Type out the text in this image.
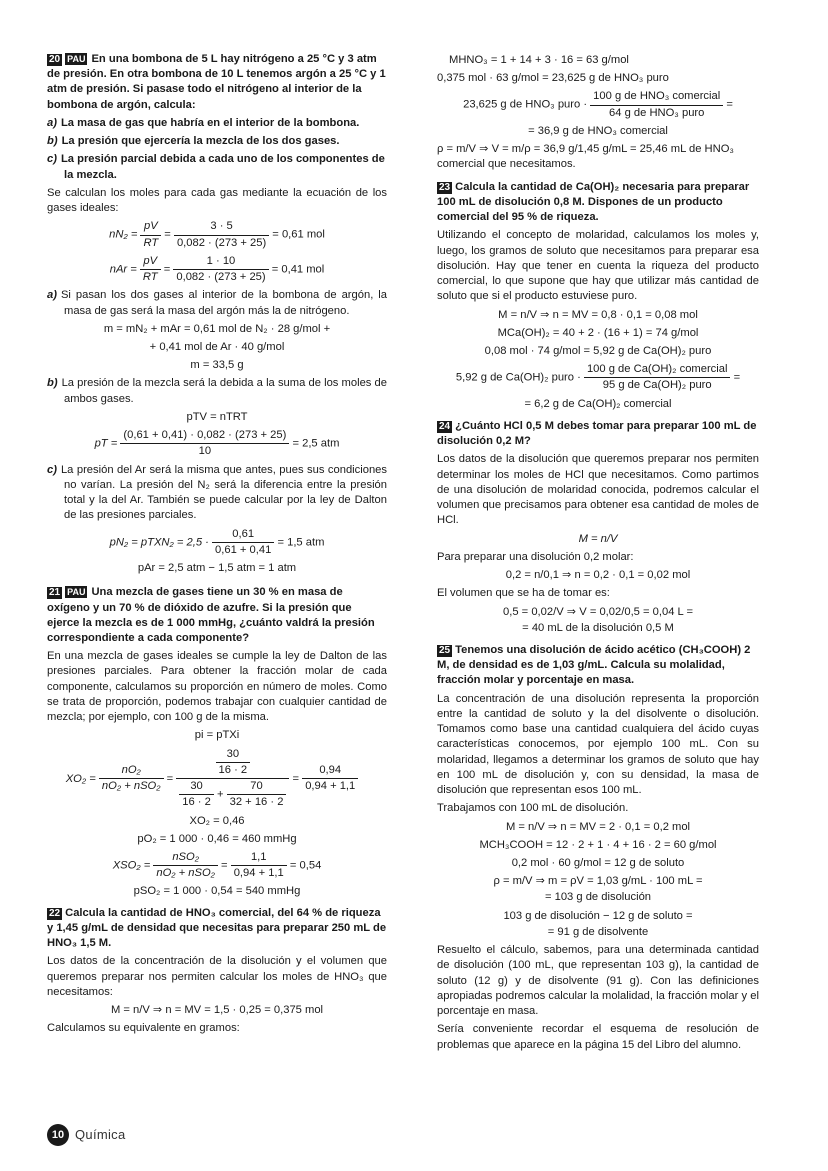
20 PAU En una bombona de 5 L hay nitrógeno a 25 °C y 3 atm de presión. En otra bombona de 10 L tenemos argón a 25 °C y 1 atm de presión. Si pasase todo el nitrógeno al interior de la bombona de argón, calcula:
a) La masa de gas que habría en el interior de la bombona.
b) La presión que ejercería la mezcla de los dos gases.
c) La presión parcial debida a cada uno de los componentes de la mezcla.

Se calculan los moles para cada gas mediante la ecuación de los gases ideales:

$nN_2 = \frac{pV}{RT} = \frac{3 \cdot 5}{0,082 \cdot (273 + 25)} = 0,61$ mol
nAr = $\frac{pV}{RT} = \frac{1 \cdot 10}{0,082 \cdot (273 + 25)} = 0,41$ mol

a) Si pasan los dos gases al interior de la bombona de argón, la masa de gas será la masa del argón más la de nitrógeno.

m = mN₂ + mAr = 0,61 mol de N₂ · 28 g/mol +
+ 0,41 mol de Ar · 40 g/mol
m = 33,5 g

b) La presión de la mezcla será la debida a la suma de los moles de ambos gases.

pTV = nTRT
pT = $\frac{(0,61 + 0,41) \cdot 0,082 \cdot (273 + 25)}{10} = 2,5$ atm

c) La presión del Ar será la misma que antes, pues sus condiciones no varían. La presión del N₂ será la diferencia entre la presión total y la del Ar. También se puede calcular por la ley de Dalton de las presiones parciales.

pN₂ = pTXN₂ = $2,5 \cdot \frac{0,61}{0,61 + 0,41} = 1,5$ atm
pAr = 2,5 atm − 1,5 atm = 1 atm
21 PAU Una mezcla de gases tiene un 30 % en masa de oxígeno y un 70 % de dióxido de azufre. Si la presión que ejerce la mezcla es de 1 000 mmHg, ¿cuánto valdrá la presión correspondiente a cada componente?

En una mezcla de gases ideales se cumple la ley de Dalton de las presiones parciales. Para obtener la fracción molar de cada componente, calculamos su proporción en número de moles. Como se trata de proporción, podemos trabajar con cualquier cantidad de mezcla; por ejemplo, con 100 g de la misma.

pi = pTXi
$XO_2 = \frac{\text{nO₂}}{\text{nO₂ + nSO₂}} = \frac{\frac{30}{16 \cdot 2}}{\frac{30}{16 \cdot 2} + \frac{70}{32 + 16 \cdot 2}} = \frac{0,94}{0,94 + 1,1}$
XO₂ = 0,46
pO₂ = 1 000 · 0,46 = 460 mmHg
$XSO_2 = \frac{\text{nSO₂}}{\text{nO₂ + nSO₂}} = \frac{1,1}{0,94 + 1,1} = 0,54$
pSO₂ = 1 000 · 0,54 = 540 mmHg
22 Calcula la cantidad de HNO₃ comercial, del 64 % de riqueza y 1,45 g/mL de densidad que necesitas para preparar 250 mL de HNO₃ 1,5 M.

Los datos de la concentración de la disolución y el volumen que queremos preparar nos permiten calcular los moles de HNO₃ que necesitamos:

M = n/V ⇒ n = MV = 1,5 · 0,25 = 0,375 mol

Calculamos su equivalente en gramos:

MHNO₃ = 1 + 14 + 3 · 16 = 63 g/mol
0,375 mol · 63 g/mol = 23,625 g de HNO₃ puro
23,625 g de HNO₃ puro · $\frac{\text{100 g de HNO₃ comercial}}{\text{64 g de HNO₃ puro}}$ =
= 36,9 g de HNO₃ comercial

ρ = m/V ⇒ V = m/ρ = 36,9 g/1,45 g/mL = 25,46 mL de HNO₃ comercial que necesitamos.

23 Calcula la cantidad de Ca(OH)₂ necesaria para preparar 100 mL de disolución 0,8 M. Dispones de un producto comercial del 95 % de riqueza.

Utilizando el concepto de molaridad, calculamos los moles y, luego, los gramos de soluto que necesitamos para preparar esa disolución. Hay que tener en cuenta la riqueza del producto comercial, lo que supone que hay que utilizar más cantidad de soluto que si el producto estuviese puro.

M = n/V ⇒ n = MV = 0,8 · 0,1 = 0,08 mol
MCa(OH)₂ = 40 + 2 · (16 + 1) = 74 g/mol
0,08 mol · 74 g/mol = 5,92 g de Ca(OH)₂ puro
5,92 g de Ca(OH)₂ puro · $\frac{\text{100 g de Ca(OH)₂ comercial}}{\text{95 g de Ca(OH)₂ puro}}$ =
= 6,2 g de Ca(OH)₂ comercial
24 ¿Cuánto HCl 0,5 M debes tomar para preparar 100 mL de disolución 0,2 M?

Los datos de la disolución que queremos preparar nos permiten determinar los moles de HCl que necesitamos. Como partimos de una disolución de molaridad conocida, podremos calcular el volumen que precisamos para obtener esa cantidad de moles de HCl.

M = n/V

Para preparar una disolución 0,2 molar:

0,2 = n/0,1 ⇒ n = 0,2 · 0,1 = 0,02 mol

El volumen que se ha de tomar es:

0,5 = 0,02/V ⇒ V = 0,02/0,5 = 0,04 L =
= 40 mL de la disolución 0,5 M
25 Tenemos una disolución de ácido acético (CH₃COOH) 2 M, de densidad es de 1,03 g/mL. Calcula su molalidad, fracción molar y porcentaje en masa.

La concentración de una disolución representa la proporción entre la cantidad de soluto y la del disolvente o disolución. Tomamos como base una cantidad cualquiera del ácido cuyas características conocemos, por ejemplo 100 mL. Con su molaridad, llegamos a determinar los gramos de soluto que hay en 100 mL de disolución y, con su densidad, la masa de disolución que representan esos 100 mL.

Trabajamos con 100 mL de disolución.

M = n/V ⇒ n = MV = 2 · 0,1 = 0,2 mol
MCH₃COOH = 12 · 2 + 1 · 4 + 16 · 2 = 60 g/mol
0,2 mol · 60 g/mol = 12 g de soluto
ρ = m/V ⇒ m = ρV = 1,03 g/mL · 100 mL =
= 103 g de disolución
103 g de disolución − 12 g de soluto =
= 91 g de disolvente

Resuelto el cálculo, sabemos, para una determinada cantidad de disolución (100 mL, que representan 103 g), la cantidad de soluto (12 g) y de disolvente (91 g). Con las definiciones apropiadas podremos calcular la molalidad, la fracción molar y el porcentaje en masa.

Sería conveniente recordar el esquema de resolución de problemas que aparece en la página 15 del Libro del alumno.

10 Química
